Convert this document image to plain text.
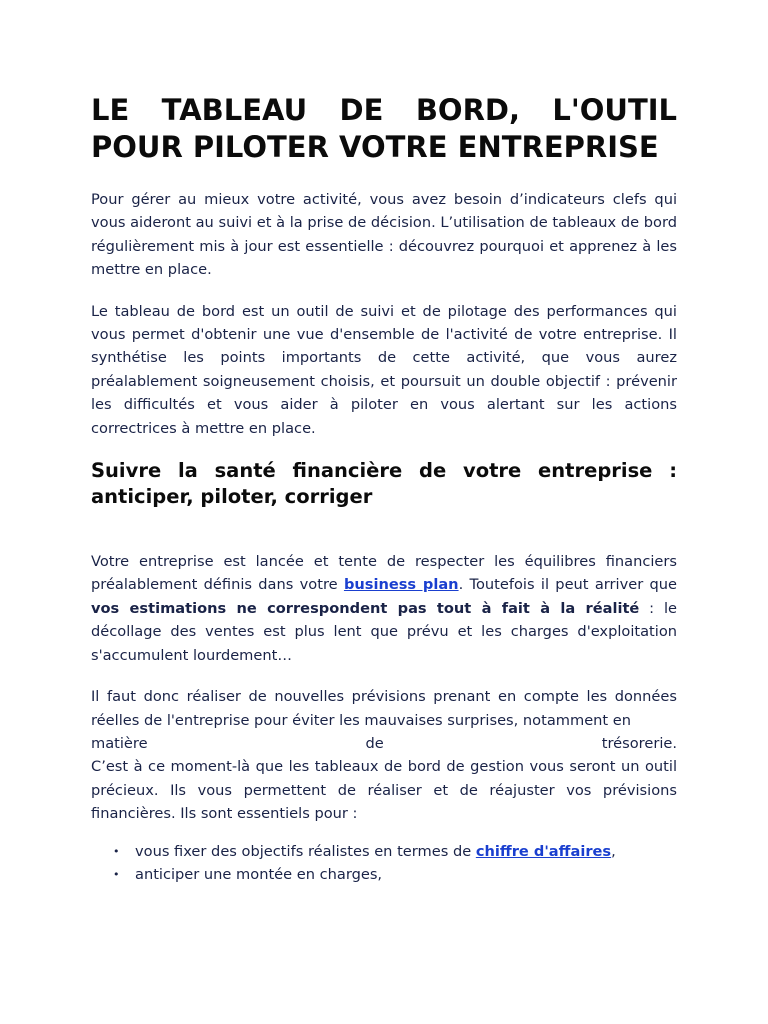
LE TABLEAU DE BORD, L'OUTIL POUR PILOTER VOTRE ENTREPRISE

Pour gérer au mieux votre activité, vous avez besoin d’indicateurs clefs qui vous aideront au suivi et à la prise de décision. L’utilisation de tableaux de bord régulièrement mis à jour est essentielle : découvrez pourquoi et apprenez à les mettre en place.

Le tableau de bord est un outil de suivi et de pilotage des performances qui vous permet d'obtenir une vue d'ensemble de l'activité de votre entreprise. Il synthétise les points importants de cette activité, que vous aurez préalablement soigneusement choisis, et poursuit un double objectif : prévenir les difficultés et vous aider à piloter en vous alertant sur les actions correctrices à mettre en place.

Suivre la santé financière de votre entreprise : anticiper, piloter, corriger

Votre entreprise est lancée et tente de respecter les équilibres financiers préalablement définis dans votre business plan. Toutefois il peut arriver que vos estimations ne correspondent pas tout à fait à la réalité : le décollage des ventes est plus lent que prévu et les charges d'exploitation s'accumulent lourdement…

Il faut donc réaliser de nouvelles prévisions prenant en compte les données réelles de l'entreprise pour éviter les mauvaises surprises, notamment en
matière de trésorerie.
C’est à ce moment-là que les tableaux de bord de gestion vous seront un outil précieux. Ils vous permettent de réaliser et de réajuster vos prévisions financières. Ils sont essentiels pour :

• vous fixer des objectifs réalistes en termes de chiffre d'affaires,
• anticiper une montée en charges,
